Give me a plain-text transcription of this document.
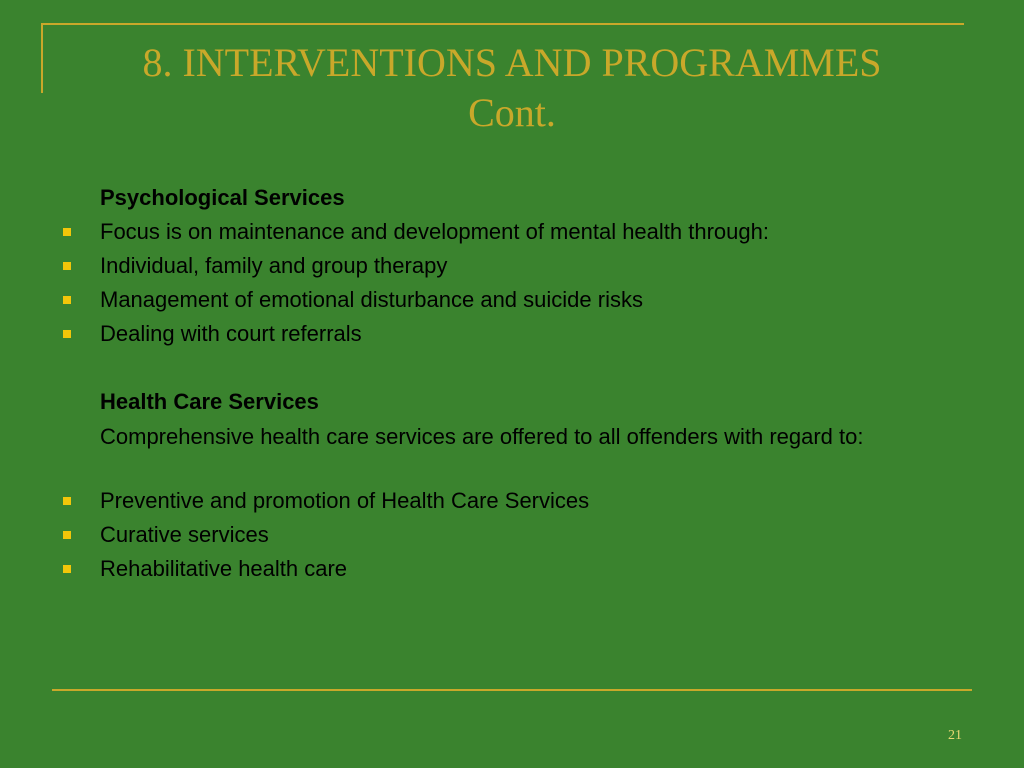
8. INTERVENTIONS AND PROGRAMMES
Cont.
Psychological Services
Focus is on maintenance and development of mental health through:
Individual, family and group therapy
Management of emotional disturbance and suicide risks
Dealing with court referrals
Health Care Services
Comprehensive health care services are offered to all offenders with regard to:
Preventive and promotion of Health Care Services
Curative services
Rehabilitative health care
21
